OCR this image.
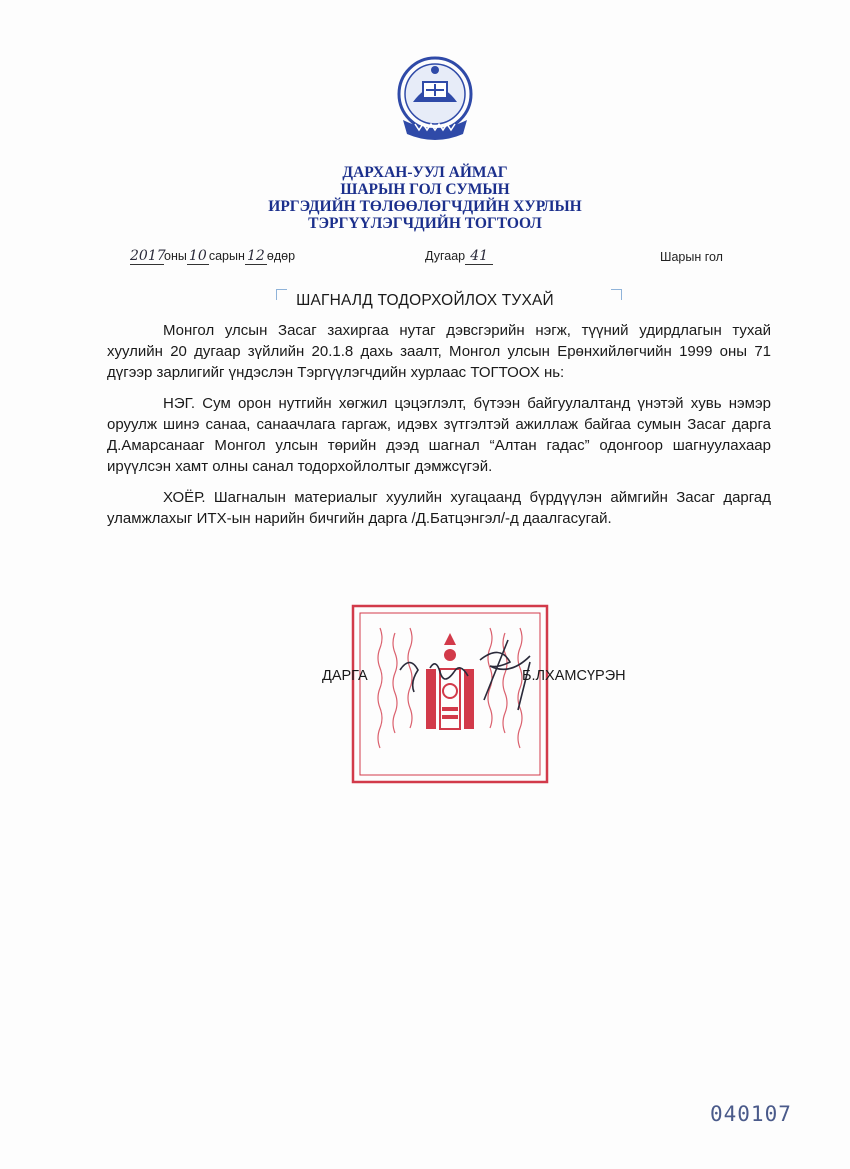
ДАРХАН-УУЛ АЙМАГ
ШАРЫН ГОЛ СУМЫН
ИРГЭДИЙН ТӨЛӨӨЛӨГЧДИЙН ХУРЛЫН
ТЭРГҮҮЛЭГЧДИЙН ТОГТООЛ
2017оны 10 сарын 12 өдөр	Дугаар 41	Шарын гол
ШАГНАЛД ТОДОРХОЙЛОХ ТУХАЙ

Монгол улсын Засаг захиргаа нутаг дэвсгэрийн нэгж, түүний удирдлагын тухай хуулийн 20 дугаар зүйлийн 20.1.8 дахь заалт, Монгол улсын Ерөнхийлөгчийн 1999 оны 71 дүгээр зарлигийг үндэслэн Тэргүүлэгчдийн хурлаас ТОГТООХ нь:

НЭГ. Сум орон нутгийн хөгжил цэцэглэлт, бүтээн байгуулалтанд үнэтэй хувь нэмэр оруулж шинэ санаа, санаачлага гаргаж, идэвх зүтгэлтэй ажиллаж байгаа сумын Засаг дарга Д.Амарсанааг Монгол улсын төрийн дээд шагнал “Алтан гадас” одонгоор шагнуулахаар ирүүлсэн хамт олны санал тодорхойлолтыг дэмжсүгэй.

ХОЁР. Шагналын материалыг хуулийн хугацаанд бүрдүүлэн аймгийн Засаг даргад уламжлахыг ИТХ-ын нарийн бичгийн дарга /Д.Батцэнгэл/-д даалгасугай.

ДАРГА	Б.ЛХАМСҮРЭН
040107
